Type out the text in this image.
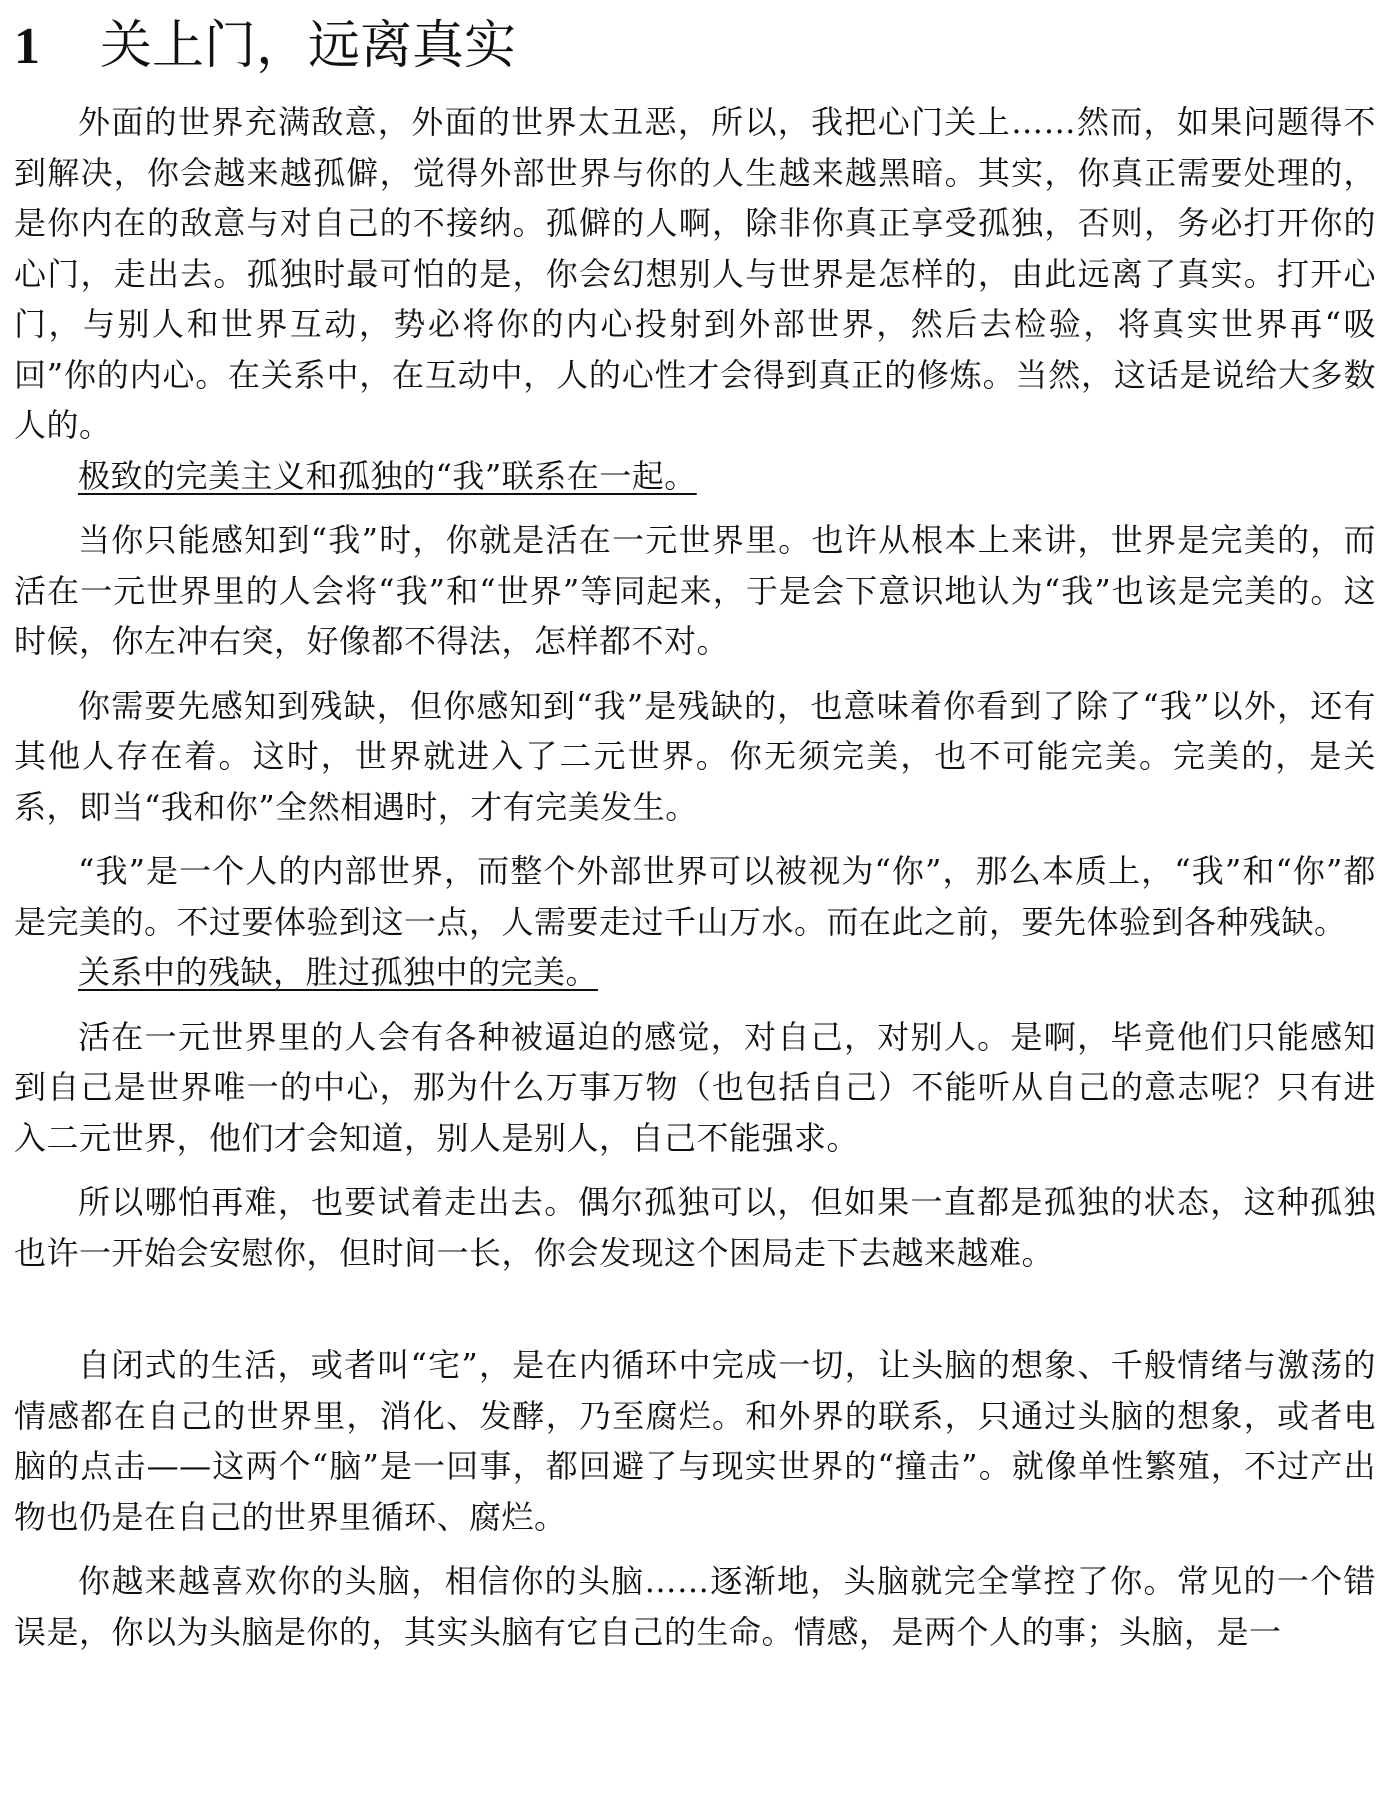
1 关上门，远离真实

外面的世界充满敌意，外面的世界太丑恶，所以，我把心门关上……然而，如果问题得不到解决，你会越来越孤僻，觉得外部世界与你的人生越来越黑暗。其实，你真正需要处理的，是你内在的敌意与对自己的不接纳。孤僻的人啊，除非你真正享受孤独，否则，务必打开你的心门，走出去。孤独时最可怕的是，你会幻想别人与世界是怎样的，由此远离了真实。打开心门，与别人和世界互动，势必将你的内心投射到外部世界，然后去检验，将真实世界再“吸回”你的内心。在关系中，在互动中，人的心性才会得到真正的修炼。当然，这话是说给大多数人的。

极致的完美主义和孤独的“我”联系在一起。

当你只能感知到“我”时，你就是活在一元世界里。也许从根本上来讲，世界是完美的，而活在一元世界里的人会将“我”和“世界”等同起来，于是会下意识地认为“我”也该是完美的。这时候，你左冲右突，好像都不得法，怎样都不对。

你需要先感知到残缺，但你感知到“我”是残缺的，也意味着你看到了除了“我”以外，还有其他人存在着。这时，世界就进入了二元世界。你无须完美，也不可能完美。完美的，是关系，即当“我和你”全然相遇时，才有完美发生。

“我”是一个人的内部世界，而整个外部世界可以被视为“你”，那么本质上，“我”和“你”都是完美的。不过要体验到这一点，人需要走过千山万水。而在此之前，要先体验到各种残缺。

关系中的残缺，胜过孤独中的完美。

活在一元世界里的人会有各种被逼迫的感觉，对自己，对别人。是啊，毕竟他们只能感知到自己是世界唯一的中心，那为什么万事万物（也包括自己）不能听从自己的意志呢？只有进入二元世界，他们才会知道，别人是别人，自己不能强求。

所以哪怕再难，也要试着走出去。偶尔孤独可以，但如果一直都是孤独的状态，这种孤独也许一开始会安慰你，但时间一长，你会发现这个困局走下去越来越难。

自闭式的生活，或者叫“宅”，是在内循环中完成一切，让头脑的想象、千般情绪与激荡的情感都在自己的世界里，消化、发酵，乃至腐烂。和外界的联系，只通过头脑的想象，或者电脑的点击——这两个“脑”是一回事，都回避了与现实世界的“撞击”。就像单性繁殖，不过产出物也仍是在自己的世界里循环、腐烂。

你越来越喜欢你的头脑，相信你的头脑……逐渐地，头脑就完全掌控了你。常见的一个错误是，你以为头脑是你的，其实头脑有它自己的生命。情感，是两个人的事；头脑，是一
